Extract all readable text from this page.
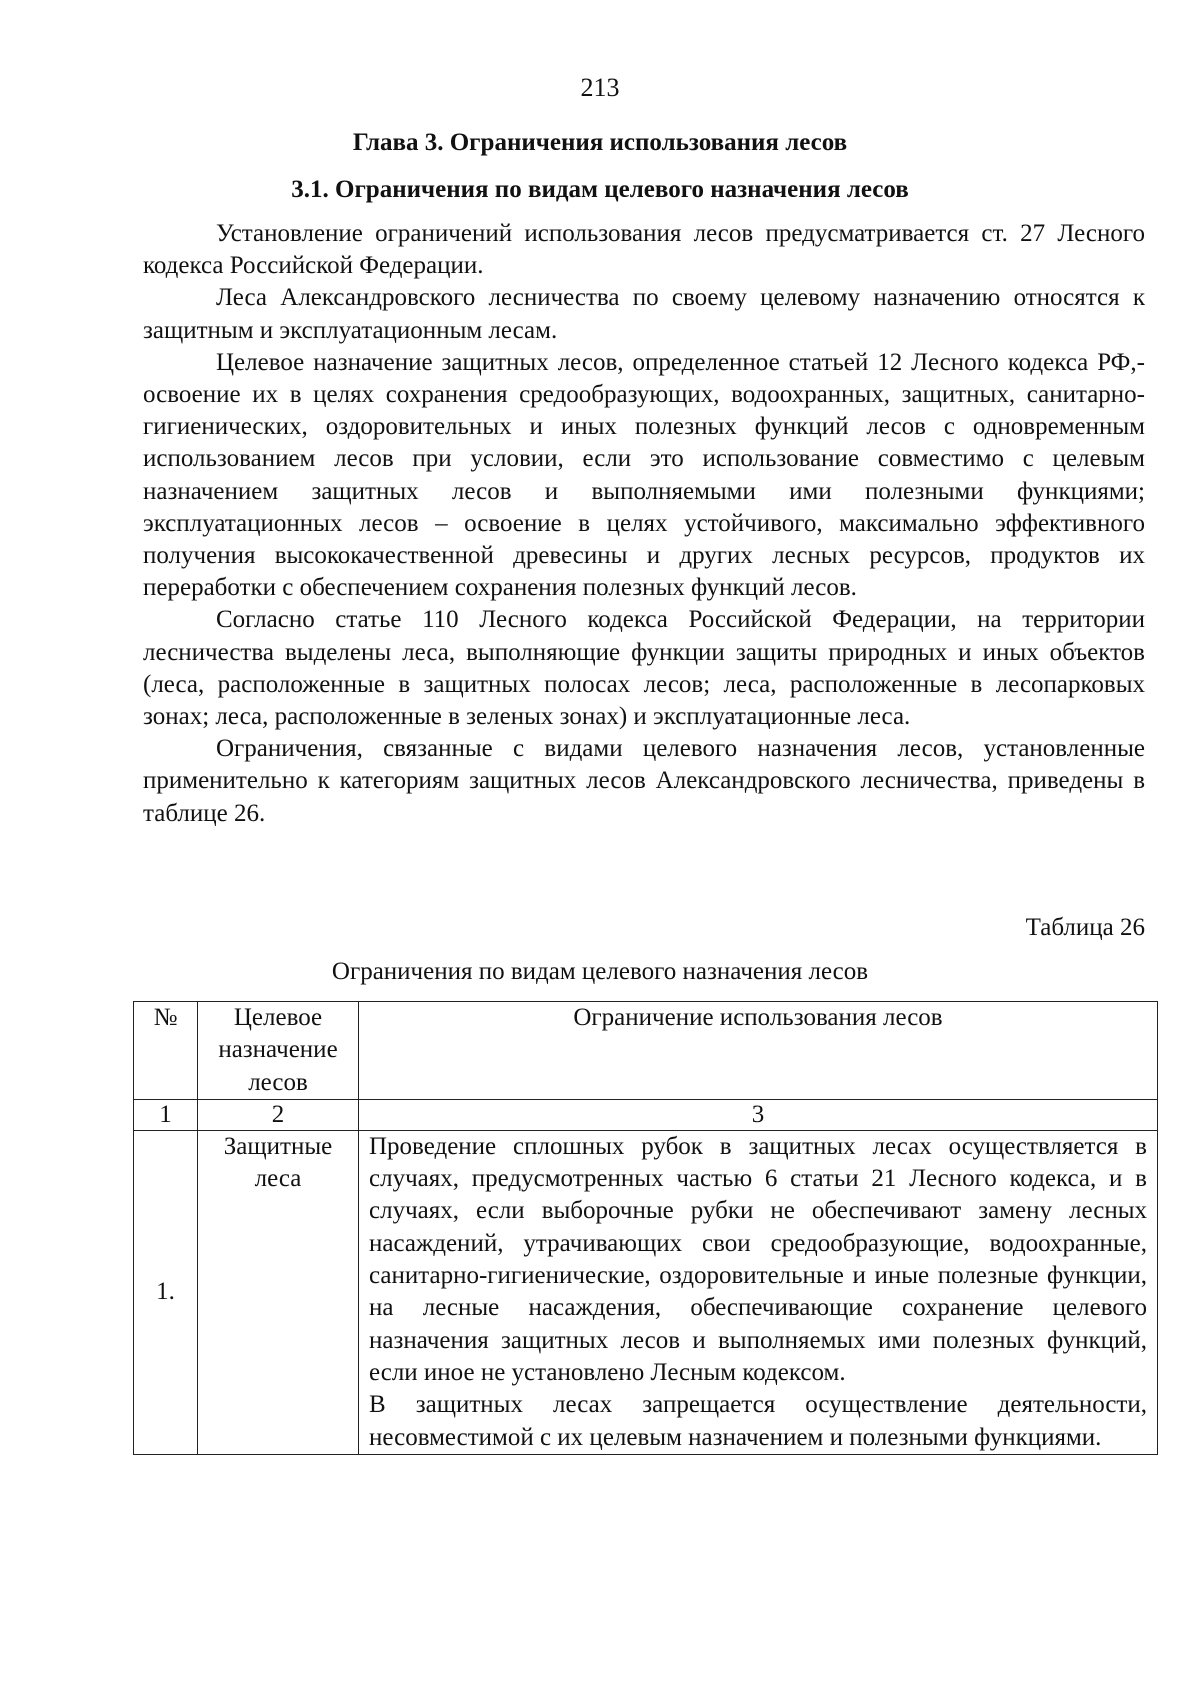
213
Глава 3. Ограничения использования лесов
3.1. Ограничения по видам целевого назначения лесов

Установление ограничений использования лесов предусматривается ст. 27 Лесного кодекса Российской Федерации.

Леса Александровского лесничества по своему целевому назначению относятся к защитным и эксплуатационным лесам.

Целевое назначение защитных лесов, определенное статьей 12 Лесного кодекса РФ,- освоение их в целях сохранения средообразующих, водоохранных, защитных, санитарно-гигиенических, оздоровительных и иных полезных функций лесов с одновременным использованием лесов при условии, если это использование совместимо с целевым назначением защитных лесов и выполняемыми ими полезными функциями; эксплуатационных лесов – освоение в целях устойчивого, максимально эффективного получения высококачественной древесины и других лесных ресурсов, продуктов их переработки с обеспечением сохранения полезных функций лесов.

Согласно статье 110 Лесного кодекса Российской Федерации, на территории лесничества выделены леса, выполняющие функции защиты природных и иных объектов (леса, расположенные в защитных полосах лесов; леса, расположенные в лесопарковых зонах; леса, расположенные в зеленых зонах) и эксплуатационные леса.

Ограничения, связанные с видами целевого назначения лесов, установленные применительно к категориям защитных лесов Александровского лесничества, приведены в таблице 26.

Таблица 26
Ограничения по видам целевого назначения лесов
№	Целевое назначение лесов	Ограничение использования лесов
1	2	3
1.	Защитные леса	Проведение сплошных рубок в защитных лесах осуществляется в случаях, предусмотренных частью 6 статьи 21 Лесного кодекса, и в случаях, если выборочные рубки не обеспечивают замену лесных насаждений, утрачивающих свои средообразующие, водоохранные, санитарно-гигиенические, оздоровительные и иные полезные функции, на лесные насаждения, обеспечивающие сохранение целевого назначения защитных лесов и выполняемых ими полезных функций, если иное не установлено Лесным кодексом.

В защитных лесах запрещается осуществление деятельности, несовместимой с их целевым назначением и полезными функциями.
